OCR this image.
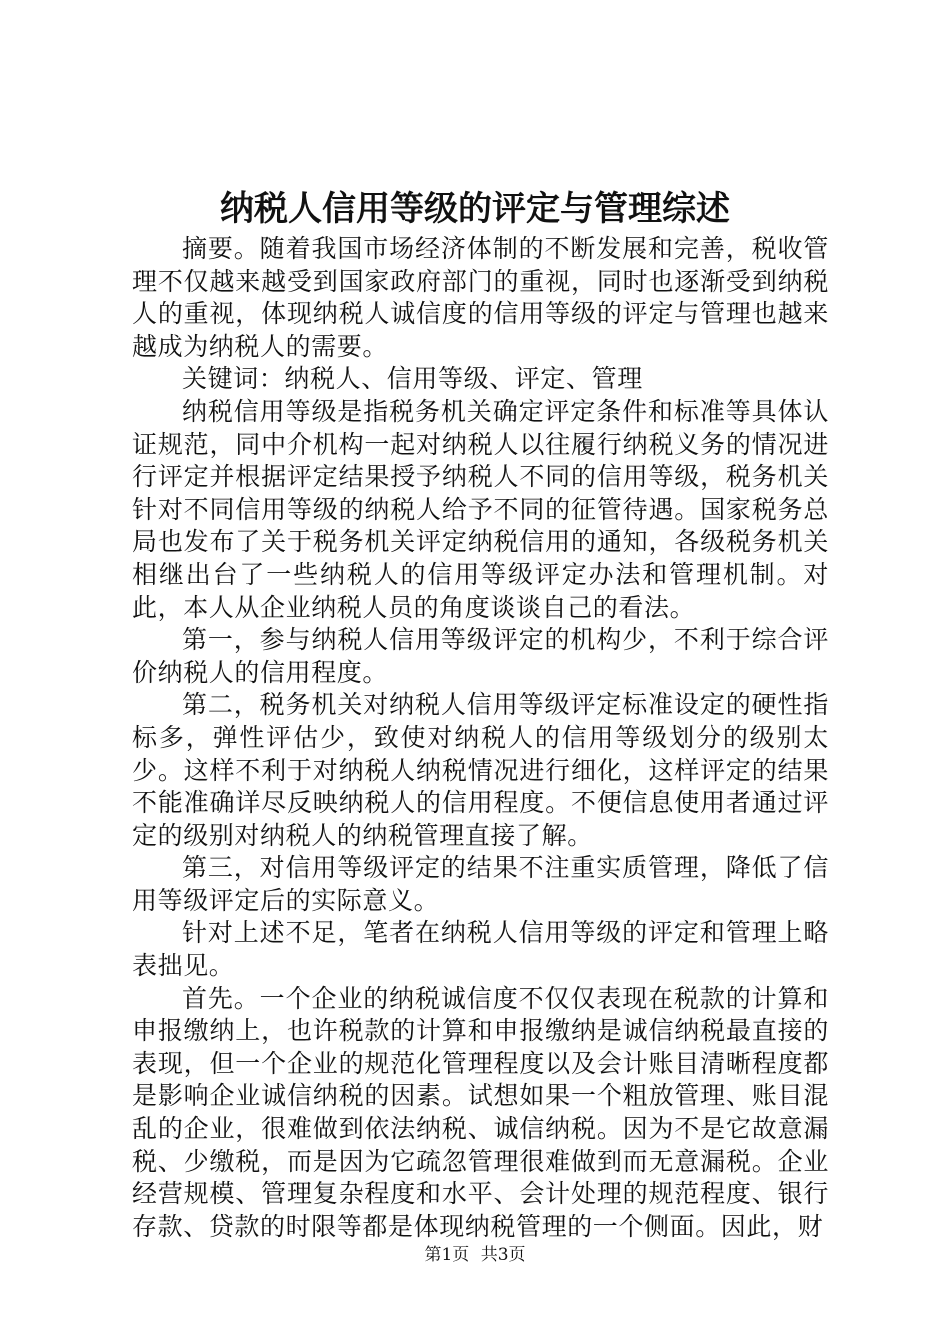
纳税人信用等级的评定与管理综述

摘要。随着我国市场经济体制的不断发展和完善，税收管理不仅越来越受到国家政府部门的重视，同时也逐渐受到纳税人的重视，体现纳税人诚信度的信用等级的评定与管理也越来越成为纳税人的需要。

关键词：纳税人、信用等级、评定、管理

纳税信用等级是指税务机关确定评定条件和标准等具体认证规范，同中介机构一起对纳税人以往履行纳税义务的情况进行评定并根据评定结果授予纳税人不同的信用等级，税务机关针对不同信用等级的纳税人给予不同的征管待遇。国家税务总局也发布了关于税务机关评定纳税信用的通知，各级税务机关相继出台了一些纳税人的信用等级评定办法和管理机制。对此，本人从企业纳税人员的角度谈谈自己的看法。

第一，参与纳税人信用等级评定的机构少，不利于综合评价纳税人的信用程度。

第二，税务机关对纳税人信用等级评定标准设定的硬性指标多，弹性评估少，致使对纳税人的信用等级划分的级别太少。这样不利于对纳税人纳税情况进行细化，这样评定的结果不能准确详尽反映纳税人的信用程度。不便信息使用者通过评定的级别对纳税人的纳税管理直接了解。

第三，对信用等级评定的结果不注重实质管理，降低了信用等级评定后的实际意义。

针对上述不足，笔者在纳税人信用等级的评定和管理上略表拙见。

首先。一个企业的纳税诚信度不仅仅表现在税款的计算和申报缴纳上，也许税款的计算和申报缴纳是诚信纳税最直接的表现，但一个企业的规范化管理程度以及会计账目清晰程度都是影响企业诚信纳税的因素。试想如果一个粗放管理、账目混乱的企业，很难做到依法纳税、诚信纳税。因为不是它故意漏税、少缴税，而是因为它疏忽管理很难做到而无意漏税。企业经营规模、管理复杂程度和水平、会计处理的规范程度、银行存款、贷款的时限等都是体现纳税管理的一个侧面。因此，财

第1页 共3页
